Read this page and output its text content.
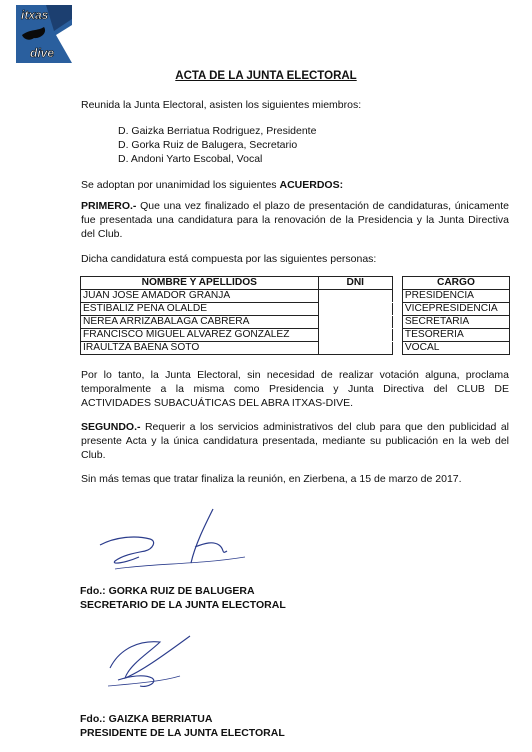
itxas
dive
ACTA DE LA JUNTA ELECTORAL
Reunida la Junta Electoral, asisten los siguientes miembros:
D. Gaizka Berriatua Rodriguez, Presidente
D. Gorka Ruiz de Balugera, Secretario
D. Andoni Yarto Escobal, Vocal
Se adoptan por unanimidad los siguientes ACUERDOS:
PRIMERO.- Que una vez finalizado el plazo de presentación de candidaturas, únicamente fue presentada una candidatura para la renovación de la Presidencia y la Junta Directiva del Club.
Dicha candidatura está compuesta por las siguientes personas:
NOMBRE Y APELLIDOS	DNI		CARGO
JUAN JOSE AMADOR GRANJA			PRESIDENCIA
ESTIBALIZ PEÑA OLALDE			VICEPRESIDENCIA
NEREA ARRIZABALAGA CABRERA			SECRETARIA
FRANCISCO MIGUEL ALVAREZ GONZALEZ			TESORERIA
IRAULTZA BAENA SOTO			VOCAL
Por lo tanto, la Junta Electoral, sin necesidad de realizar votación alguna, proclama temporalmente a la misma como Presidencia y Junta Directiva del CLUB DE ACTIVIDADES SUBACUÁTICAS DEL ABRA ITXAS-DIVE.
SEGUNDO.- Requerir a los servicios administrativos del club para que den publicidad al presente Acta y la única candidatura presentada, mediante su publicación en la web del Club.
Sin más temas que tratar finaliza la reunión, en Zierbena, a 15 de marzo de 2017.
Fdo.: GORKA RUIZ DE BALUGERA
SECRETARIO DE LA JUNTA ELECTORAL
Fdo.: GAIZKA BERRIATUA
PRESIDENTE DE LA JUNTA ELECTORAL
